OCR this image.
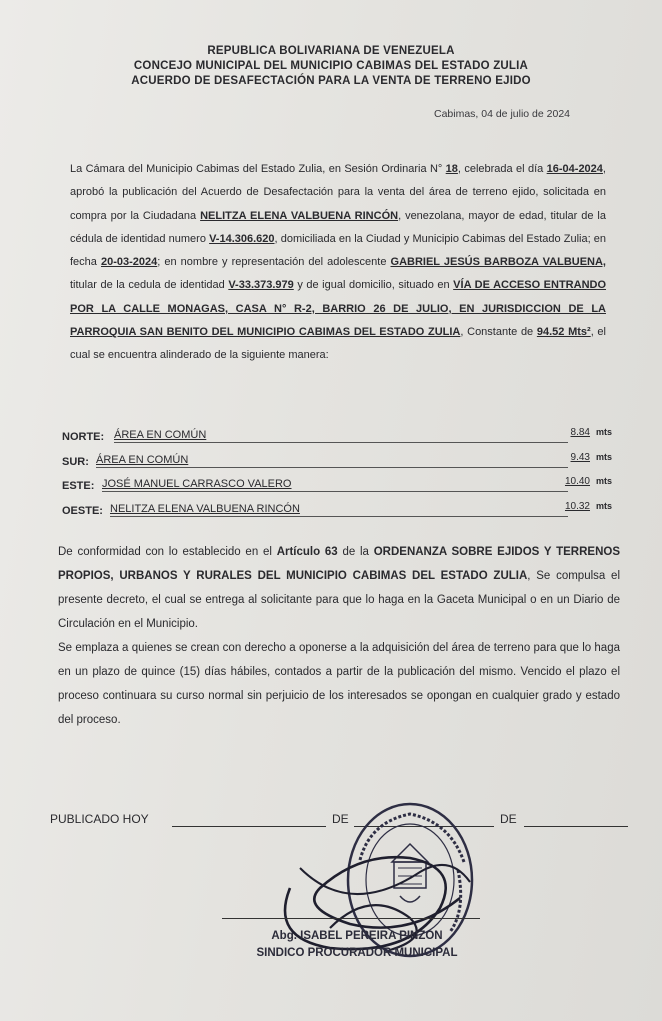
REPUBLICA BOLIVARIANA DE VENEZUELA
CONCEJO MUNICIPAL DEL MUNICIPIO CABIMAS DEL ESTADO ZULIA
ACUERDO DE DESAFECTACIÓN PARA LA VENTA DE TERRENO EJIDO
Cabimas, 04 de julio de 2024
La Cámara del Municipio Cabimas del Estado Zulia, en Sesión Ordinaria N° 18, celebrada el día 16-04-2024, aprobó la publicación del Acuerdo de Desafectación para la venta del área de terreno ejido, solicitada en compra por la Ciudadana NELITZA ELENA VALBUENA RINCÓN, venezolana, mayor de edad, titular de la cédula de identidad numero V-14.306.620, domiciliada en la Ciudad y Municipio Cabimas del Estado Zulia; en fecha 20-03-2024; en nombre y representación del adolescente GABRIEL JESÚS BARBOZA VALBUENA, titular de la cedula de identidad V-33.373.979 y de igual domicilio, situado en VÍA DE ACCESO ENTRANDO POR LA CALLE MONAGAS, CASA N° R-2, BARRIO 26 DE JULIO, EN JURISDICCION DE LA PARROQUIA SAN BENITO DEL MUNICIPIO CABIMAS DEL ESTADO ZULIA, Constante de 94.52 Mts², el cual se encuentra alinderado de la siguiente manera:
NORTE: ÁREA EN COMÚN	8.84 mts
SUR: ÁREA EN COMÚN	9.43 mts
ESTE: JOSÉ MANUEL CARRASCO VALERO	10.40 mts
OESTE: NELITZA ELENA VALBUENA RINCÓN	10.32 mts

De conformidad con lo establecido en el Artículo 63 de la ORDENANZA SOBRE EJIDOS Y TERRENOS PROPIOS, URBANOS Y RURALES DEL MUNICIPIO CABIMAS DEL ESTADO ZULIA, Se compulsa el presente decreto, el cual se entrega al solicitante para que lo haga en la Gaceta Municipal o en un Diario de Circulación en el Municipio.

Se emplaza a quienes se crean con derecho a oponerse a la adquisición del área de terreno para que lo haga en un plazo de quince (15) días hábiles, contados a partir de la publicación del mismo. Vencido el plazo el proceso continuara su curso normal sin perjuicio de los interesados se opongan en cualquier grado y estado del proceso.

PUBLICADO HOY	DE	DE
Abg. ISABEL PEREIRA PINZON
SINDICO PROCURADOR MUNICIPAL
